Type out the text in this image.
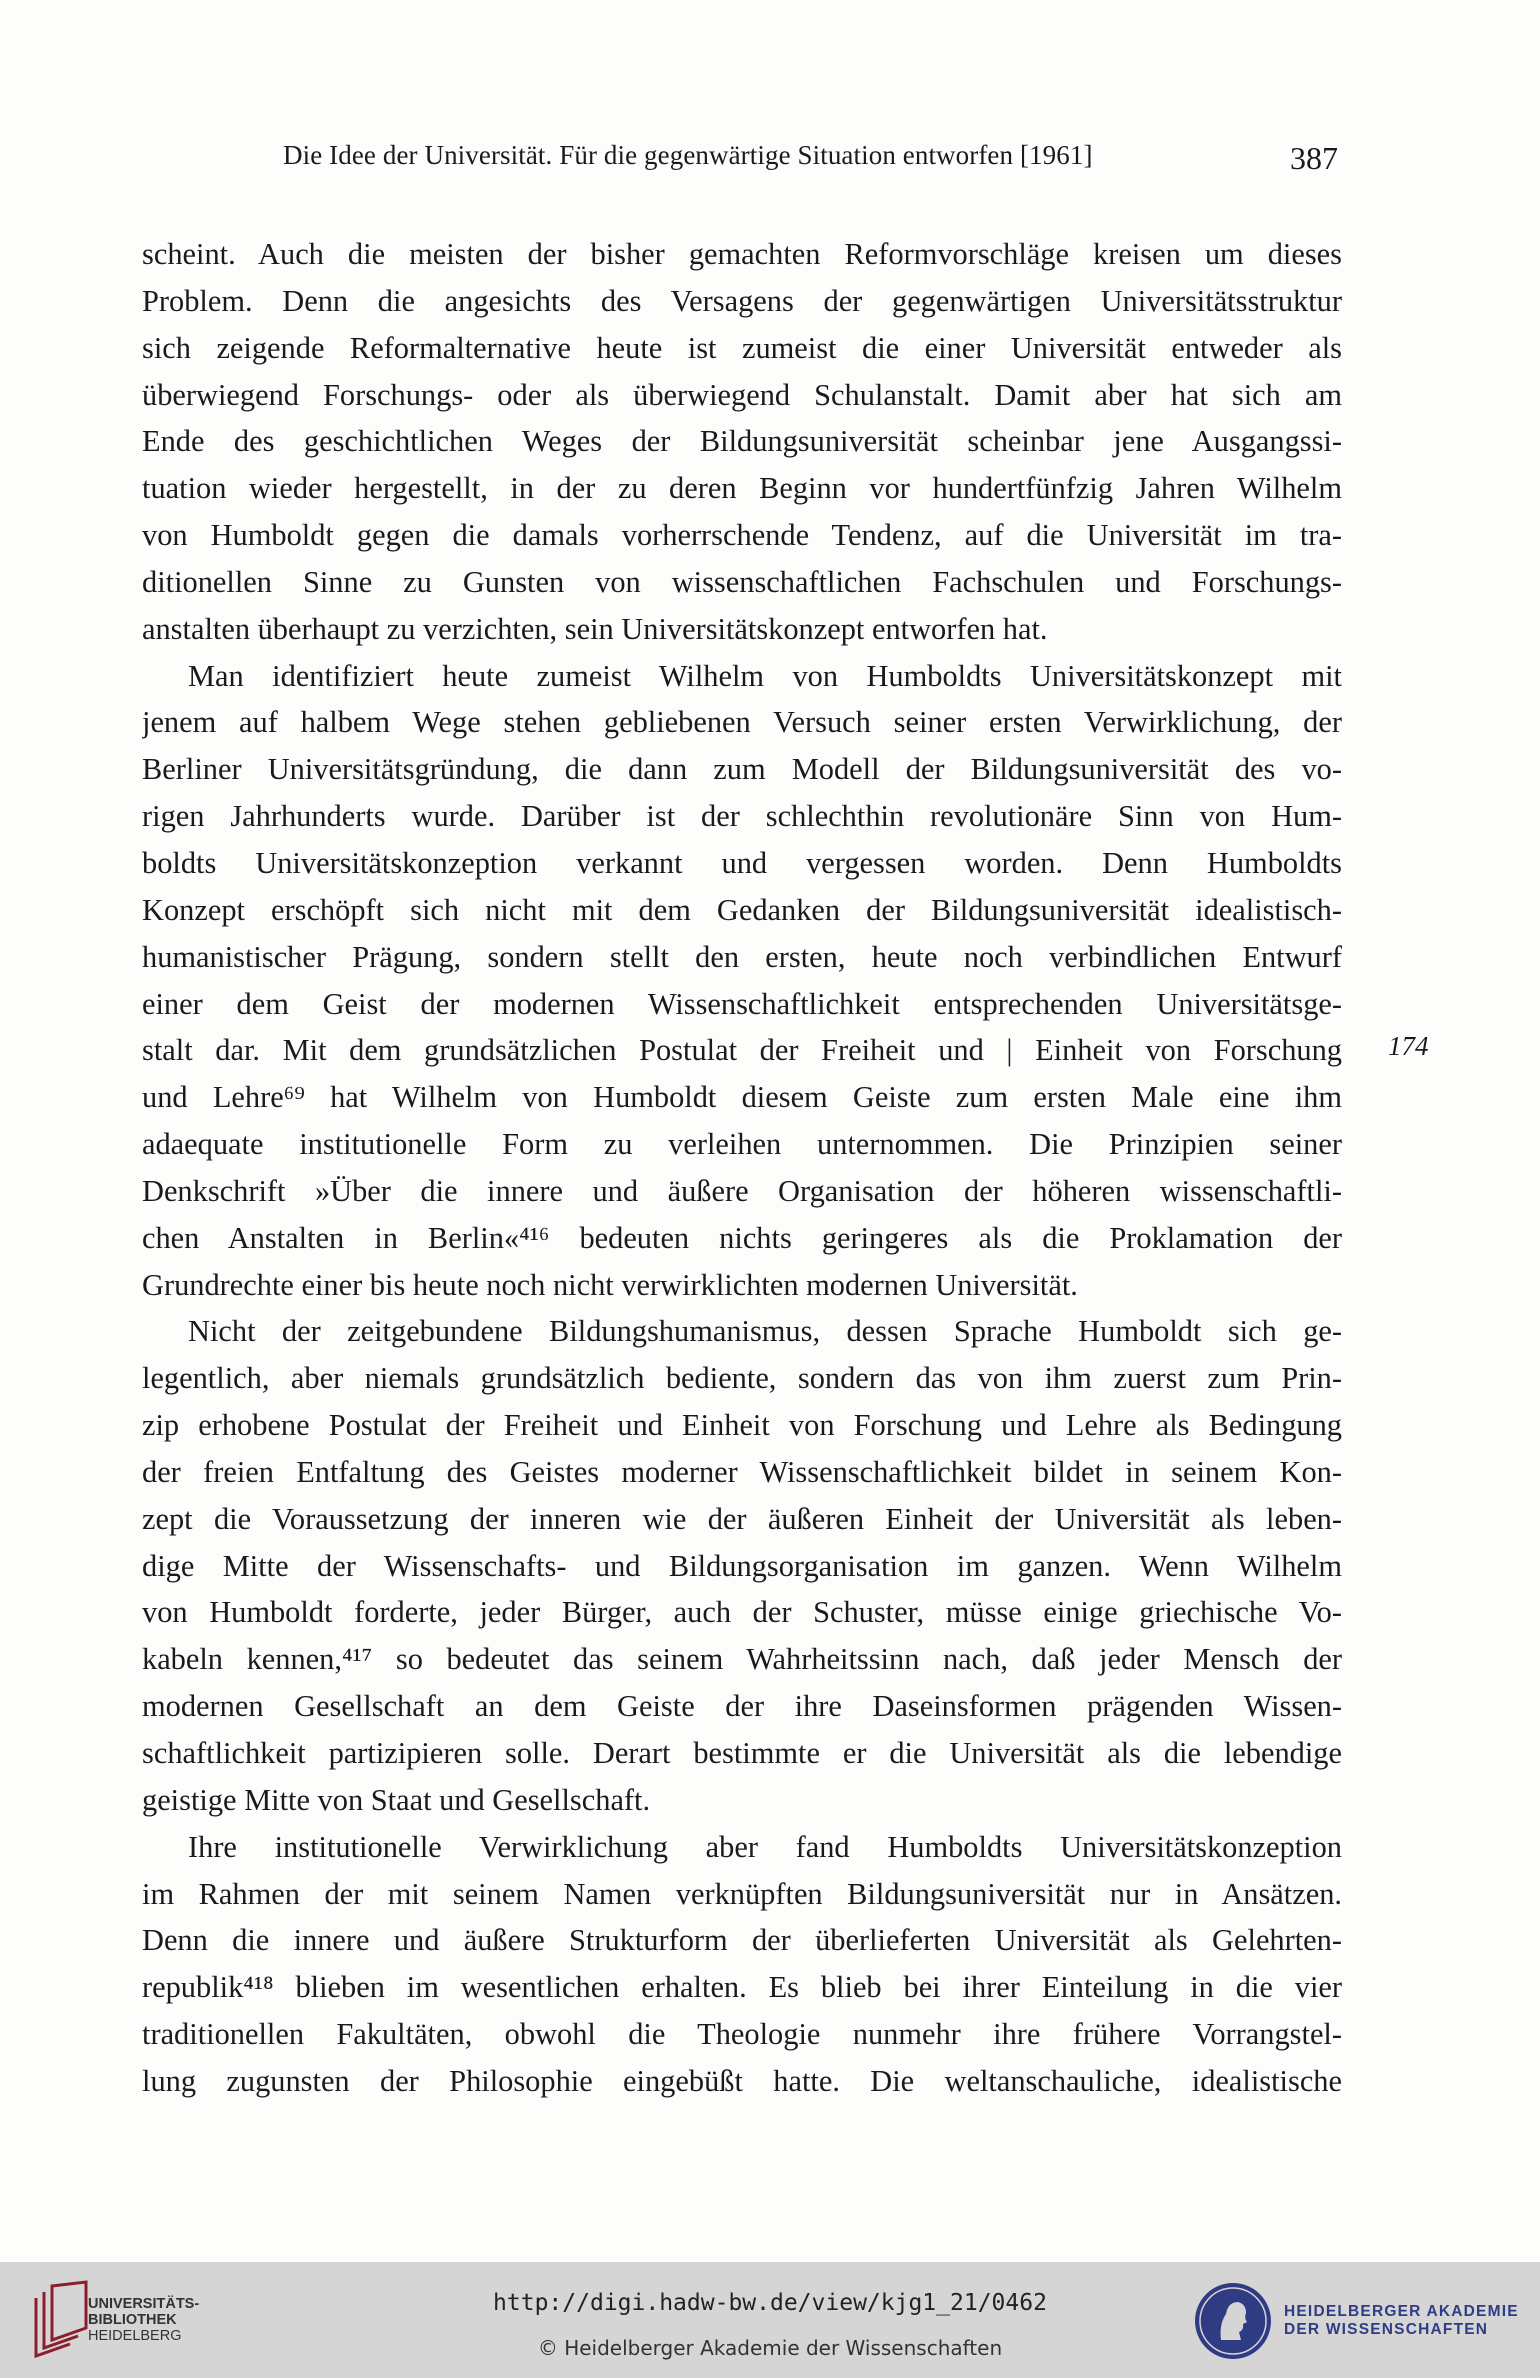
Die Idee der Universität. Für die gegenwärtige Situation entworfen [1961]	387
scheint. Auch die meisten der bisher gemachten Reformvorschläge kreisen um dieses
Problem. Denn die angesichts des Versagens der gegenwärtigen Universitätsstruktur
sich zeigende Reformalternative heute ist zumeist die einer Universität entweder als
überwiegend Forschungs- oder als überwiegend Schulanstalt. Damit aber hat sich am
Ende des geschichtlichen Weges der Bildungsuniversität scheinbar jene Ausgangssi-
tuation wieder hergestellt, in der zu deren Beginn vor hundertfünfzig Jahren Wilhelm
von Humboldt gegen die damals vorherrschende Tendenz, auf die Universität im tra-
ditionellen Sinne zu Gunsten von wissenschaftlichen Fachschulen und Forschungs-
anstalten überhaupt zu verzichten, sein Universitätskonzept entworfen hat.
Man identifiziert heute zumeist Wilhelm von Humboldts Universitätskonzept mit
jenem auf halbem Wege stehen gebliebenen Versuch seiner ersten Verwirklichung, der
Berliner Universitätsgründung, die dann zum Modell der Bildungsuniversität des vo-
rigen Jahrhunderts wurde. Darüber ist der schlechthin revolutionäre Sinn von Hum-
boldts Universitätskonzeption verkannt und vergessen worden. Denn Humboldts
Konzept erschöpft sich nicht mit dem Gedanken der Bildungsuniversität idealistisch-
humanistischer Prägung, sondern stellt den ersten, heute noch verbindlichen Entwurf
einer dem Geist der modernen Wissenschaftlichkeit entsprechenden Universitätsge-
stalt dar. Mit dem grundsätzlichen Postulat der Freiheit und | Einheit von Forschung
und Lehre⁶⁹ hat Wilhelm von Humboldt diesem Geiste zum ersten Male eine ihm
adaequate institutionelle Form zu verleihen unternommen. Die Prinzipien seiner
Denkschrift »Über die innere und äußere Organisation der höheren wissenschaftli-
chen Anstalten in Berlin«⁴¹⁶ bedeuten nichts geringeres als die Proklamation der
Grundrechte einer bis heute noch nicht verwirklichten modernen Universität.
Nicht der zeitgebundene Bildungshumanismus, dessen Sprache Humboldt sich ge-
legentlich, aber niemals grundsätzlich bediente, sondern das von ihm zuerst zum Prin-
zip erhobene Postulat der Freiheit und Einheit von Forschung und Lehre als Bedingung
der freien Entfaltung des Geistes moderner Wissenschaftlichkeit bildet in seinem Kon-
zept die Voraussetzung der inneren wie der äußeren Einheit der Universität als leben-
dige Mitte der Wissenschafts- und Bildungsorganisation im ganzen. Wenn Wilhelm
von Humboldt forderte, jeder Bürger, auch der Schuster, müsse einige griechische Vo-
kabeln kennen,⁴¹⁷ so bedeutet das seinem Wahrheitssinn nach, daß jeder Mensch der
modernen Gesellschaft an dem Geiste der ihre Daseinsformen prägenden Wissen-
schaftlichkeit partizipieren solle. Derart bestimmte er die Universität als die lebendige
geistige Mitte von Staat und Gesellschaft.
Ihre institutionelle Verwirklichung aber fand Humboldts Universitätskonzeption
im Rahmen der mit seinem Namen verknüpften Bildungsuniversität nur in Ansätzen.
Denn die innere und äußere Strukturform der überlieferten Universität als Gelehrten-
republik⁴¹⁸ blieben im wesentlichen erhalten. Es blieb bei ihrer Einteilung in die vier
traditionellen Fakultäten, obwohl die Theologie nunmehr ihre frühere Vorrangstel-
lung zugunsten der Philosophie eingebüßt hatte. Die weltanschauliche, idealistische
174
UNIVERSITÄTS-
BIBLIOTHEK
HEIDELBERG
http://digi.hadw-bw.de/view/kjg1_21/0462
© Heidelberger Akademie der Wissenschaften
HEIDELBERGER AKADEMIE
DER WISSENSCHAFTEN
